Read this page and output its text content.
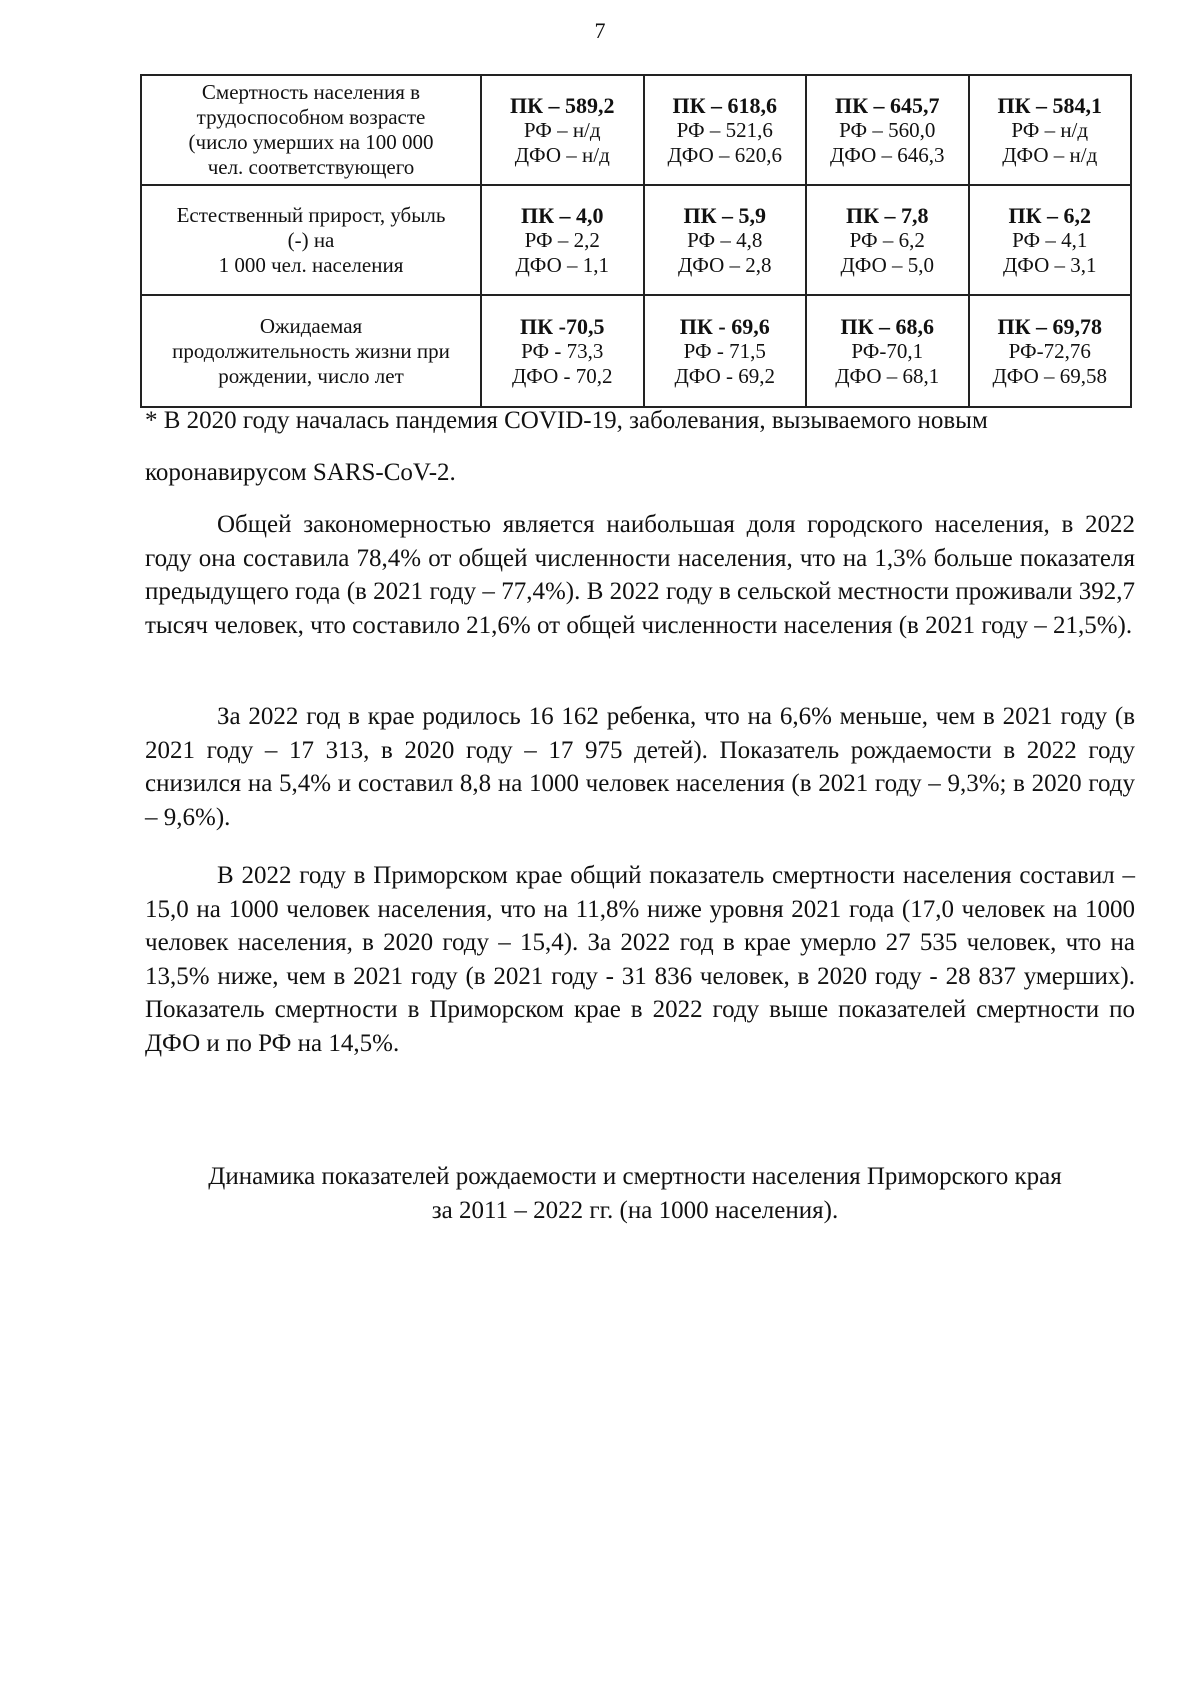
7
Смертность населения в
трудоспособном возрасте
(число умерших на 100 000
чел. соответствующего	ПК – 589,2
РФ – н/д
ДФО – н/д	ПК – 618,6
РФ – 521,6
ДФО – 620,6	ПК – 645,7
РФ – 560,0
ДФО – 646,3	ПК – 584,1
РФ – н/д
ДФО – н/д

Естественный прирост, убыль
(-) на
1 000 чел. населения	ПК – 4,0
РФ – 2,2
ДФО – 1,1	ПК – 5,9
РФ – 4,8
ДФО – 2,8	ПК – 7,8
РФ – 6,2
ДФО – 5,0	ПК – 6,2
РФ – 4,1
ДФО – 3,1

Ожидаемая
продолжительность жизни при
рождении, число лет	ПК -70,5
РФ - 73,3
ДФО - 70,2	ПК - 69,6
РФ - 71,5
ДФО - 69,2	ПК – 68,6
РФ-70,1
ДФО – 68,1	ПК – 69,78
РФ-72,76
ДФО – 69,58
* В 2020 году началась пандемия COVID-19, заболевания, вызываемого новым
коронавирусом SARS-CoV-2.

Общей закономерностью является наибольшая доля городского населения, в 2022 году она составила 78,4% от общей численности населения, что на 1,3% больше показателя предыдущего года (в 2021 году – 77,4%). В 2022 году в сельской местности проживали 392,7 тысяч человек, что составило 21,6% от общей численности населения (в 2021 году – 21,5%).

За 2022 год в крае родилось 16 162 ребенка, что на 6,6% меньше, чем в 2021 году (в 2021 году – 17 313, в 2020 году – 17 975 детей). Показатель рождаемости в 2022 году снизился на 5,4% и составил 8,8 на 1000 человек населения (в 2021 году – 9,3%; в 2020 году – 9,6%).

В 2022 году в Приморском крае общий показатель смертности населения составил – 15,0 на 1000 человек населения, что на 11,8% ниже уровня 2021 года (17,0 человек на 1000 человек населения, в 2020 году – 15,4). За 2022 год в крае умерло 27 535 человек, что на 13,5% ниже, чем в 2021 году (в 2021 году - 31 836 человек, в 2020 году - 28 837 умерших). Показатель смертности в Приморском крае в 2022 году выше показателей смертности по ДФО и по РФ на 14,5%.

Динамика показателей рождаемости и смертности населения Приморского края
за 2011 – 2022 гг. (на 1000 населения).
